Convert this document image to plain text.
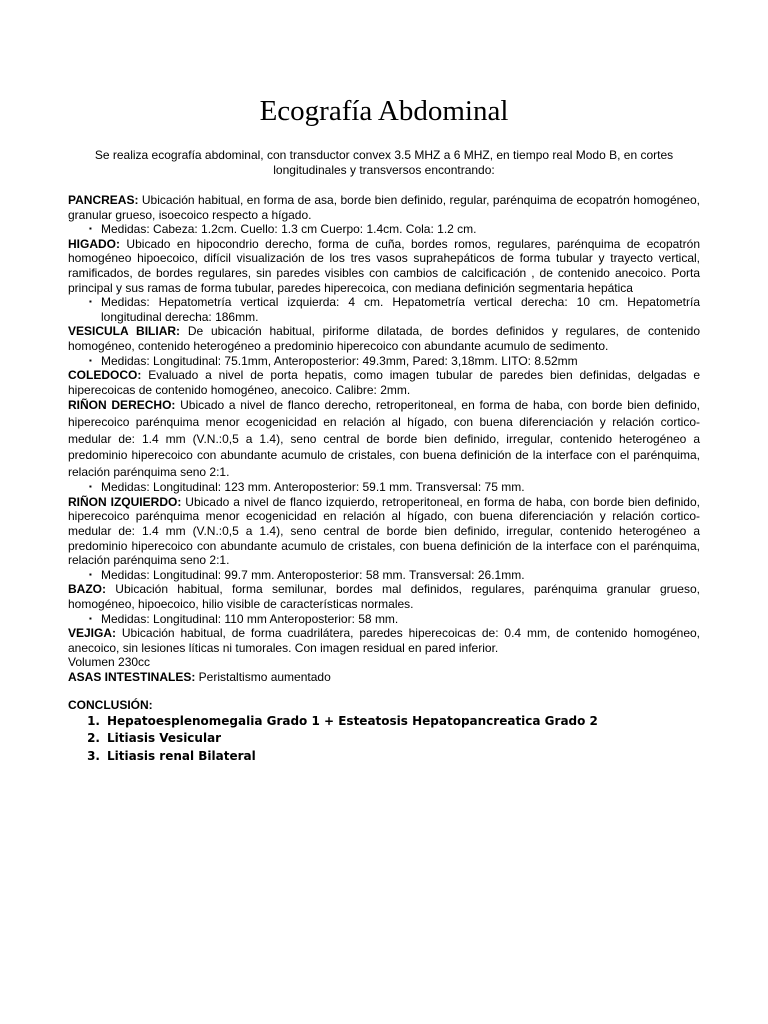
Ecografía Abdominal
Se realiza ecografía abdominal, con transductor convex 3.5 MHZ a 6 MHZ, en tiempo real Modo B, en cortes longitudinales y transversos encontrando:

PANCREAS: Ubicación habitual, en forma de asa, borde bien definido, regular, parénquima de ecopatrón homogéneo, granular grueso, isoecoico respecto a hígado.

▪ Medidas: Cabeza: 1.2cm. Cuello: 1.3 cm Cuerpo: 1.4cm. Cola: 1.2 cm.

HIGADO: Ubicado en hipocondrio derecho, forma de cuña, bordes romos, regulares, parénquima de ecopatrón homogéneo hipoecoico, difícil visualización de los tres vasos suprahepáticos de forma tubular y trayecto vertical, ramificados, de bordes regulares, sin paredes visibles con cambios de calcificación , de contenido anecoico. Porta principal y sus ramas de forma tubular, paredes hiperecoica, con mediana definición segmentaria hepática

▪ Medidas: Hepatometría vertical izquierda: 4 cm. Hepatometría vertical derecha: 10 cm. Hepatometría longitudinal derecha: 186mm.

VESICULA BILIAR: De ubicación habitual, piriforme dilatada, de bordes definidos y regulares, de contenido homogéneo, contenido heterogéneo a predominio hiperecoico con abundante acumulo de sedimento.

▪ Medidas: Longitudinal: 75.1mm, Anteroposterior: 49.3mm, Pared: 3,18mm. LITO: 8.52mm

COLEDOCO: Evaluado a nivel de porta hepatis, como imagen tubular de paredes bien definidas, delgadas e hiperecoicas de contenido homogéneo, anecoico. Calibre: 2mm.

RIÑON DERECHO: Ubicado a nivel de flanco derecho, retroperitoneal, en forma de haba, con borde bien definido, hiperecoico parénquima menor ecogenicidad en relación al hígado, con buena diferenciación y relación cortico-medular de: 1.4 mm (V.N.:0,5 a 1.4), seno central de borde bien definido, irregular, contenido heterogéneo a predominio hiperecoico con abundante acumulo de cristales, con buena definición de la interface con el parénquima, relación parénquima seno 2:1.

▪ Medidas: Longitudinal: 123 mm. Anteroposterior: 59.1 mm. Transversal: 75 mm.

RIÑON IZQUIERDO: Ubicado a nivel de flanco izquierdo, retroperitoneal, en forma de haba, con borde bien definido, hiperecoico parénquima menor ecogenicidad en relación al hígado, con buena diferenciación y relación cortico-medular de: 1.4 mm (V.N.:0,5 a 1.4), seno central de borde bien definido, irregular, contenido heterogéneo a predominio hiperecoico con abundante acumulo de cristales, con buena definición de la interface con el parénquima, relación parénquima seno 2:1.

▪ Medidas: Longitudinal: 99.7 mm. Anteroposterior: 58 mm. Transversal: 26.1mm.

BAZO: Ubicación habitual, forma semilunar, bordes mal definidos, regulares, parénquima granular grueso, homogéneo, hipoecoico, hilio visible de características normales.

▪ Medidas: Longitudinal: 110 mm Anteroposterior: 58 mm.

VEJIGA: Ubicación habitual, de forma cuadrilátera, paredes hiperecoicas de: 0.4 mm, de contenido homogéneo, anecoico, sin lesiones líticas ni tumorales. Con imagen residual en pared inferior.

Volumen 230cc

ASAS INTESTINALES: Peristaltismo aumentado

CONCLUSIÓN:

1. Hepatoesplenomegalia Grado 1 + Esteatosis Hepatopancreatica Grado 2
2. Litiasis Vesicular
3. Litiasis renal Bilateral
